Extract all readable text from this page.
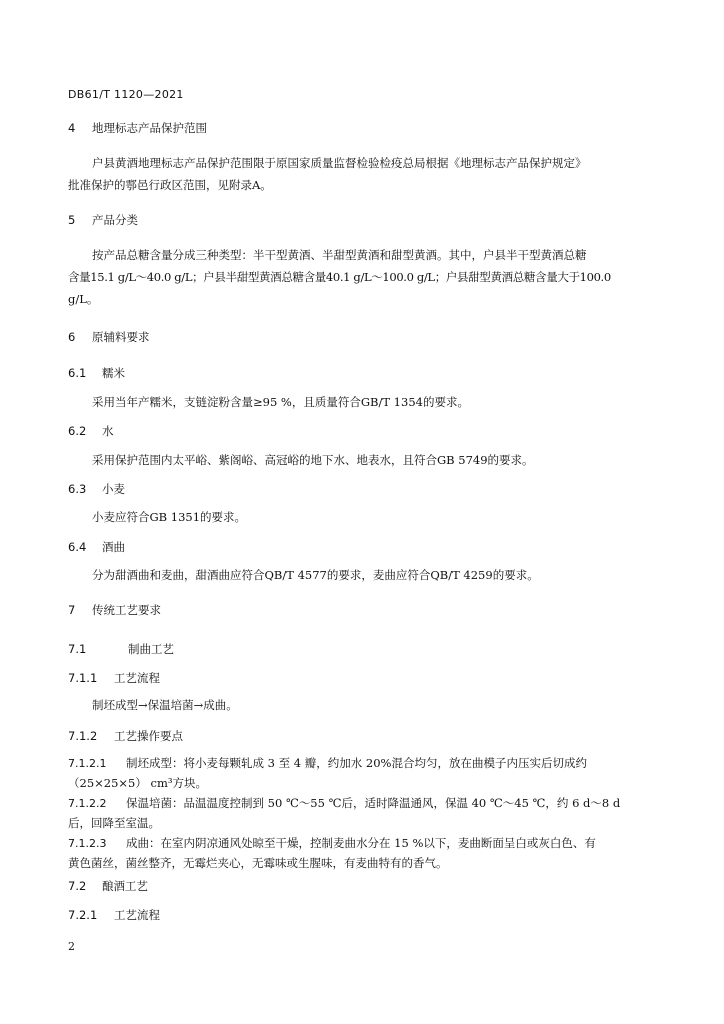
DB61/T 1120—2021
4 地理标志产品保护范围
户县黄酒地理标志产品保护范围限于原国家质量监督检验检疫总局根据《地理标志产品保护规定》
批准保护的鄠邑行政区范围，见附录A。
5 产品分类
按产品总糖含量分成三种类型：半干型黄酒、半甜型黄酒和甜型黄酒。其中，户县半干型黄酒总糖
含量15.1 g/L～40.0 g/L；户县半甜型黄酒总糖含量40.1 g/L～100.0 g/L；户县甜型黄酒总糖含量大于100.0
g/L。
6 原辅料要求
6.1 糯米
采用当年产糯米，支链淀粉含量≥95 %，且质量符合GB/T 1354的要求。
6.2 水
采用保护范围内太平峪、紫阁峪、高冠峪的地下水、地表水，且符合GB 5749的要求。
6.3 小麦
小麦应符合GB 1351的要求。
6.4 酒曲
分为甜酒曲和麦曲，甜酒曲应符合QB/T 4577的要求，麦曲应符合QB/T 4259的要求。
7 传统工艺要求
7.1	制曲工艺
7.1.1 工艺流程
制坯成型→保温培菌→成曲。
7.1.2 工艺操作要点
7.1.2.1 制坯成型：将小麦每颗轧成 3 至 4 瓣，约加水 20%混合均匀，放在曲模子内压实后切成约
（25×25×5） cm³方块。
7.1.2.2 保温培菌：品温温度控制到 50 ℃～55 ℃后，适时降温通风，保温 40 ℃～45 ℃，约 6 d～8 d
后，回降至室温。
7.1.2.3 成曲：在室内阴凉通风处晾至干燥，控制麦曲水分在 15 %以下，麦曲断面呈白或灰白色、有
黄色菌丝，菌丝整齐，无霉烂夹心，无霉味或生腥味，有麦曲特有的香气。
7.2 酿酒工艺
7.2.1 工艺流程
2
